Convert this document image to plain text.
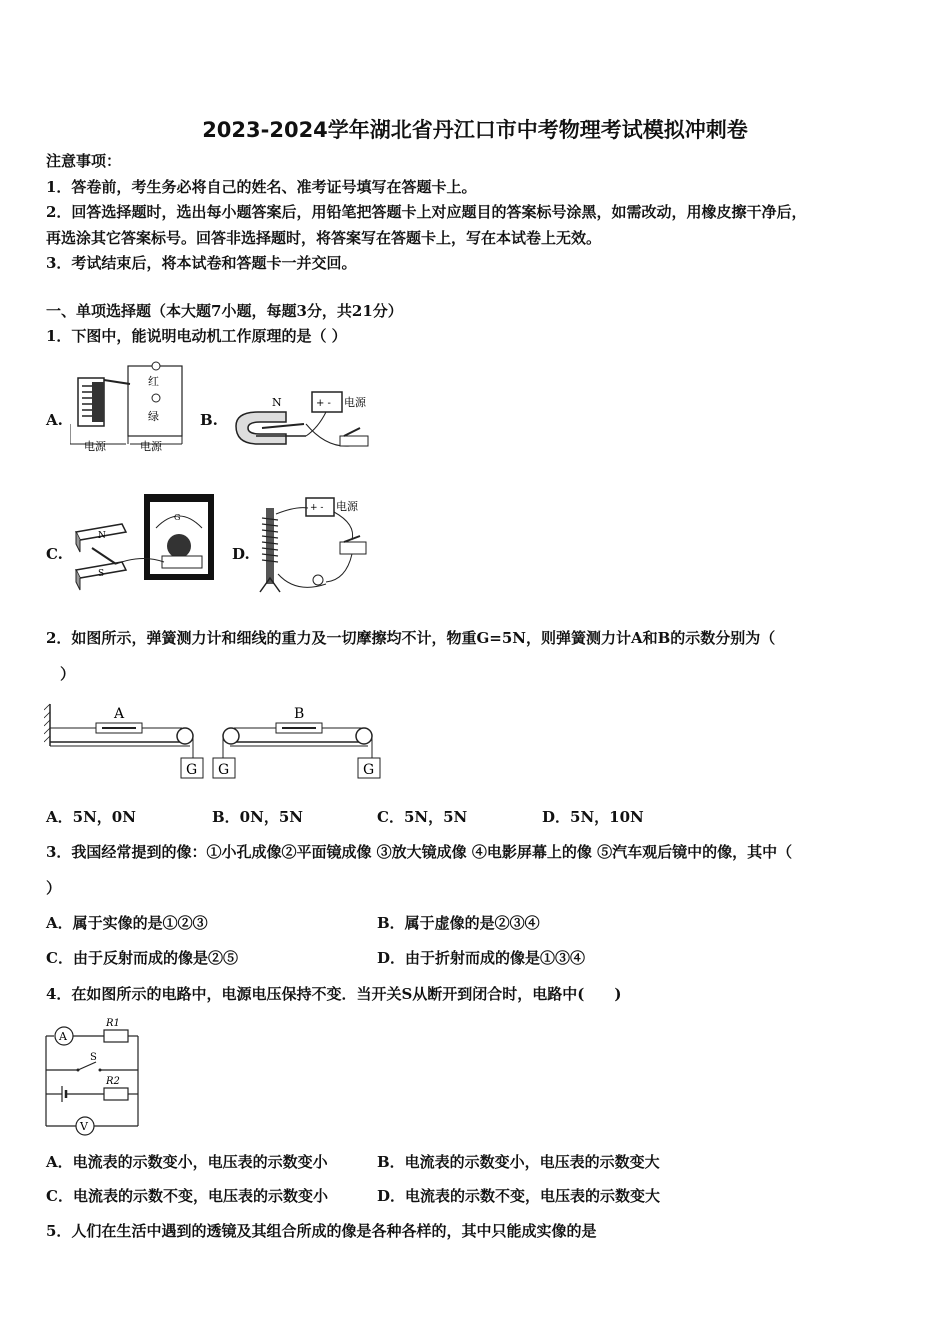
2023-2024学年湖北省丹江口市中考物理考试模拟冲刺卷
注意事项：
1．答卷前，考生务必将自己的姓名、准考证号填写在答题卡上。
2．回答选择题时，选出每小题答案后，用铅笔把答题卡上对应题目的答案标号涂黑，如需改动，用橡皮擦干净后，
再选涂其它答案标号。回答非选择题时，将答案写在答题卡上，写在本试卷上无效。
3．考试结束后，将本试卷和答题卡一并交回。
一、单项选择题（本大题7小题，每题3分，共21分）
1．下图中，能说明电动机工作原理的是（ ）
A.
红
绿
电源	电源
B.
+ - 电源
N
C.
N
S
G
D.
+ - 电源
2．如图所示，弹簧测力计和细线的重力及一切摩擦均不计，物重G=5N，则弹簧测力计A和B的示数分别为（
）
A
G G
B
G
A．5N，0N	B．0N，5N	C．5N，5N	D．5N，10N
3．我国经常提到的像：①小孔成像②平面镜成像 ③放大镜成像 ④电影屏幕上的像 ⑤汽车观后镜中的像，其中（
）
A．属于实像的是①②③	B．属于虚像的是②③④
C．由于反射而成的像是②⑤	D．由于折射而成的像是①③④
4．在如图所示的电路中，电源电压保持不变．当开关S从断开到闭合时，电路中(　　)
A
R1
S
R2
V
A．电流表的示数变小，电压表的示数变小	B．电流表的示数变小，电压表的示数变大
C．电流表的示数不变，电压表的示数变小	D．电流表的示数不变，电压表的示数变大
5．人们在生活中遇到的透镜及其组合所成的像是各种各样的，其中只能成实像的是
